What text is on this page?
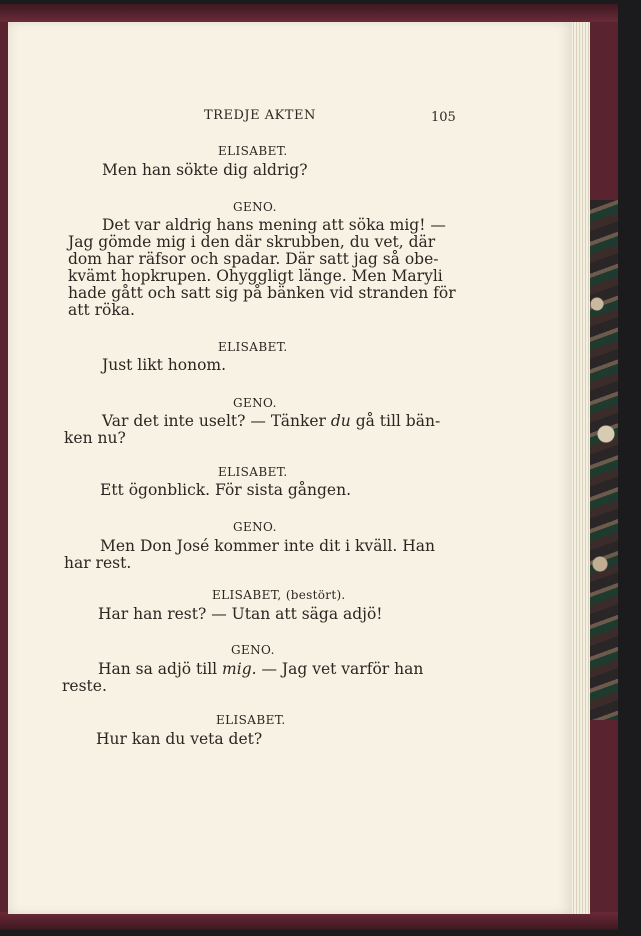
TREDJE AKTEN	105
ELISABET.
Men han sökte dig aldrig?
GENO.
Det var aldrig hans mening att söka mig! —
Jag gömde mig i den där skrubben, du vet, där
dom har räfsor och spadar. Där satt jag så obe-
kvämt hopkrupen. Ohyggligt länge. Men Maryli
hade gått och satt sig på bänken vid stranden för
att röka.
ELISABET.
Just likt honom.
GENO.
Var det inte uselt? — Tänker du gå till bän-
ken nu?
ELISABET.
Ett ögonblick. För sista gången.
GENO.
Men Don José kommer inte dit i kväll. Han
har rest.
ELISABET, (bestört).
Har han rest? — Utan att säga adjö!
GENO.
Han sa adjö till mig. — Jag vet varför han
reste.
ELISABET.
Hur kan du veta det?
